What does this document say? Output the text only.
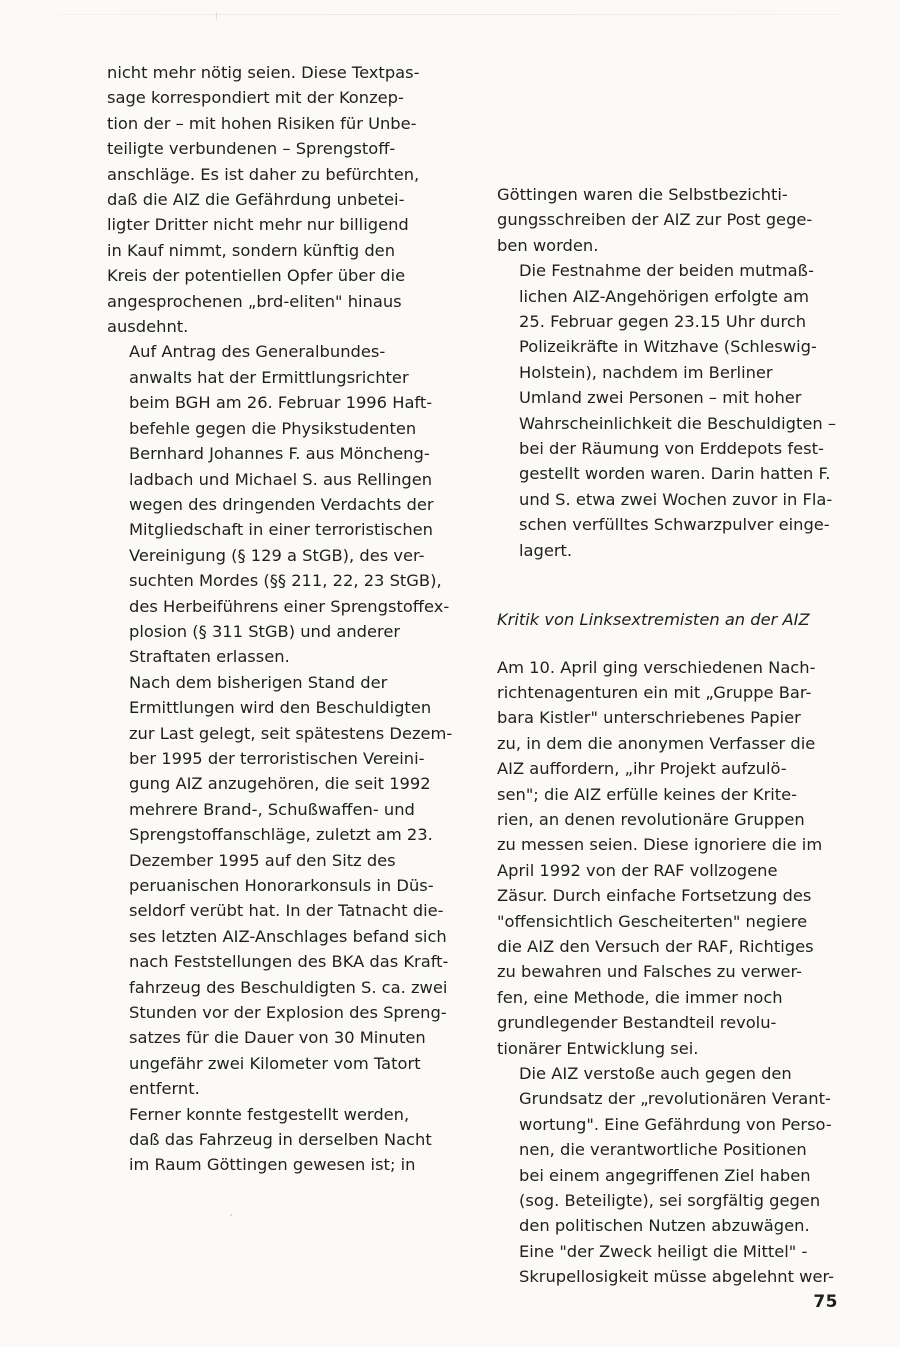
nicht mehr nötig seien. Diese Textpas-
sage korrespondiert mit der Konzep-
tion der – mit hohen Risiken für Unbe-
teiligte verbundenen – Sprengstoff-
anschläge. Es ist daher zu befürchten,
daß die AIZ die Gefährdung unbetei-
ligter Dritter nicht mehr nur billigend
in Kauf nimmt, sondern künftig den
Kreis der potentiellen Opfer über die
angesprochenen „brd-eliten" hinaus
ausdehnt.
Auf Antrag des Generalbundes-
anwalts hat der Ermittlungsrichter
beim BGH am 26. Februar 1996 Haft-
befehle gegen die Physikstudenten
Bernhard Johannes F. aus Möncheng-
ladbach und Michael S. aus Rellingen
wegen des dringenden Verdachts der
Mitgliedschaft in einer terroristischen
Vereinigung (§ 129 a StGB), des ver-
suchten Mordes (§§ 211, 22, 23 StGB),
des Herbeiführens einer Sprengstoffex-
plosion (§ 311 StGB) und anderer
Straftaten erlassen.
Nach dem bisherigen Stand der
Ermittlungen wird den Beschuldigten
zur Last gelegt, seit spätestens Dezem-
ber 1995 der terroristischen Vereini-
gung AIZ anzugehören, die seit 1992
mehrere Brand-, Schußwaffen- und
Sprengstoffanschläge, zuletzt am 23.
Dezember 1995 auf den Sitz des
peruanischen Honorarkonsuls in Düs-
seldorf verübt hat. In der Tatnacht die-
ses letzten AIZ-Anschlages befand sich
nach Feststellungen des BKA das Kraft-
fahrzeug des Beschuldigten S. ca. zwei
Stunden vor der Explosion des Spreng-
satzes für die Dauer von 30 Minuten
ungefähr zwei Kilometer vom Tatort
entfernt.
Ferner konnte festgestellt werden,
daß das Fahrzeug in derselben Nacht
im Raum Göttingen gewesen ist; in
Göttingen waren die Selbstbezichti-
gungsschreiben der AIZ zur Post gege-
ben worden.
Die Festnahme der beiden mutmaß-
lichen AIZ-Angehörigen erfolgte am
25. Februar gegen 23.15 Uhr durch
Polizeikräfte in Witzhave (Schleswig-
Holstein), nachdem im Berliner
Umland zwei Personen – mit hoher
Wahrscheinlichkeit die Beschuldigten –
bei der Räumung von Erddepots fest-
gestellt worden waren. Darin hatten F.
und S. etwa zwei Wochen zuvor in Fla-
schen verfülltes Schwarzpulver einge-
lagert.
Kritik von Linksextremisten an der AIZ
Am 10. April ging verschiedenen Nach-
richtenagenturen ein mit „Gruppe Bar-
bara Kistler" unterschriebenes Papier
zu, in dem die anonymen Verfasser die
AIZ auffordern, „ihr Projekt aufzulö-
sen"; die AIZ erfülle keines der Krite-
rien, an denen revolutionäre Gruppen
zu messen seien. Diese ignoriere die im
April 1992 von der RAF vollzogene
Zäsur. Durch einfache Fortsetzung des
"offensichtlich Gescheiterten" negiere
die AIZ den Versuch der RAF, Richtiges
zu bewahren und Falsches zu verwer-
fen, eine Methode, die immer noch
grundlegender Bestandteil revolu-
tionärer Entwicklung sei.
Die AIZ verstoße auch gegen den
Grundsatz der „revolutionären Verant-
wortung". Eine Gefährdung von Perso-
nen, die verantwortliche Positionen
bei einem angegriffenen Ziel haben
(sog. Beteiligte), sei sorgfältig gegen
den politischen Nutzen abzuwägen.
Eine "der Zweck heiligt die Mittel" -
Skrupellosigkeit müsse abgelehnt wer-
75
